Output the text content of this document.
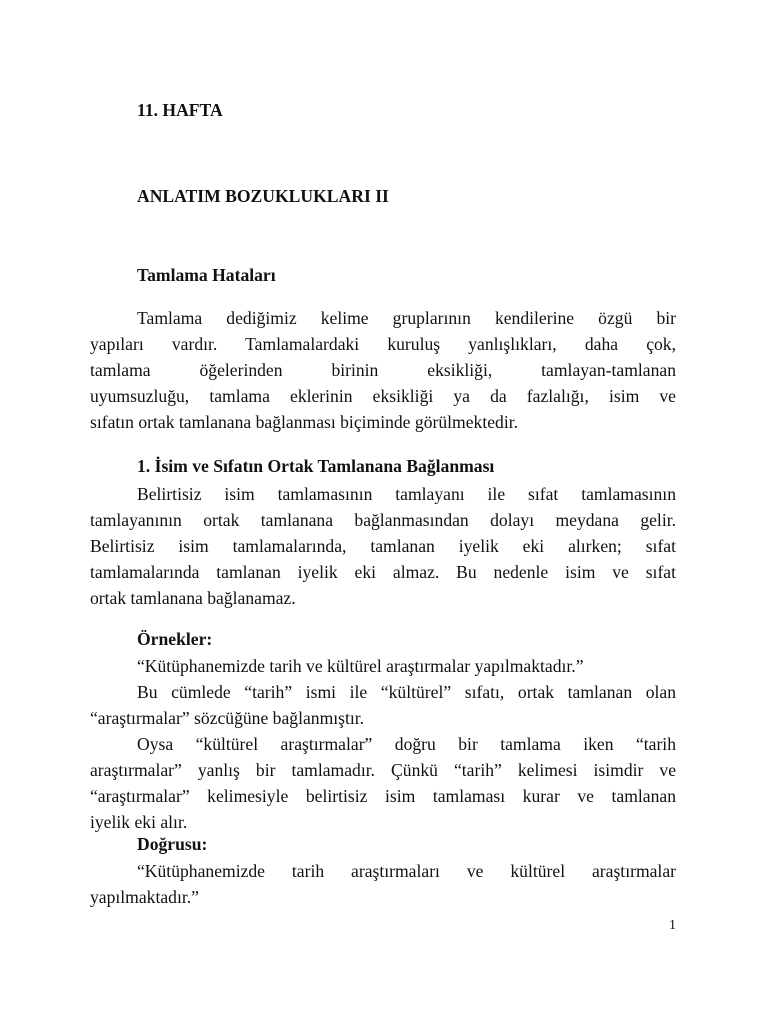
11. HAFTA
ANLATIM BOZUKLUKLARI II
Tamlama Hataları
Tamlama dediğimiz kelime gruplarının kendilerine özgü bir
yapıları vardır. Tamlamalardaki kuruluş yanlışlıkları, daha çok,
tamlama öğelerinden birinin eksikliği, tamlayan-tamlanan
uyumsuzluğu, tamlama eklerinin eksikliği ya da fazlalığı, isim ve
sıfatın ortak tamlanana bağlanması biçiminde görülmektedir.
1. İsim ve Sıfatın Ortak Tamlanana Bağlanması
Belirtisiz isim tamlamasının tamlayanı ile sıfat tamlamasının
tamlayanının ortak tamlanana bağlanmasından dolayı meydana gelir.
Belirtisiz isim tamlamalarında, tamlanan iyelik eki alırken; sıfat
tamlamalarında tamlanan iyelik eki almaz. Bu nedenle isim ve sıfat
ortak tamlanana bağlanamaz.
Örnekler:
“Kütüphanemizde tarih ve kültürel araştırmalar yapılmaktadır.”
Bu cümlede “tarih” ismi ile “kültürel” sıfatı, ortak tamlanan olan
“araştırmalar” sözcüğüne bağlanmıştır.
Oysa “kültürel araştırmalar” doğru bir tamlama iken “tarih
araştırmalar” yanlış bir tamlamadır. Çünkü “tarih” kelimesi isimdir ve
“araştırmalar” kelimesiyle belirtisiz isim tamlaması kurar ve tamlanan
iyelik eki alır.
Doğrusu:
“Kütüphanemizde tarih araştırmaları ve kültürel araştırmalar
yapılmaktadır.”
1
